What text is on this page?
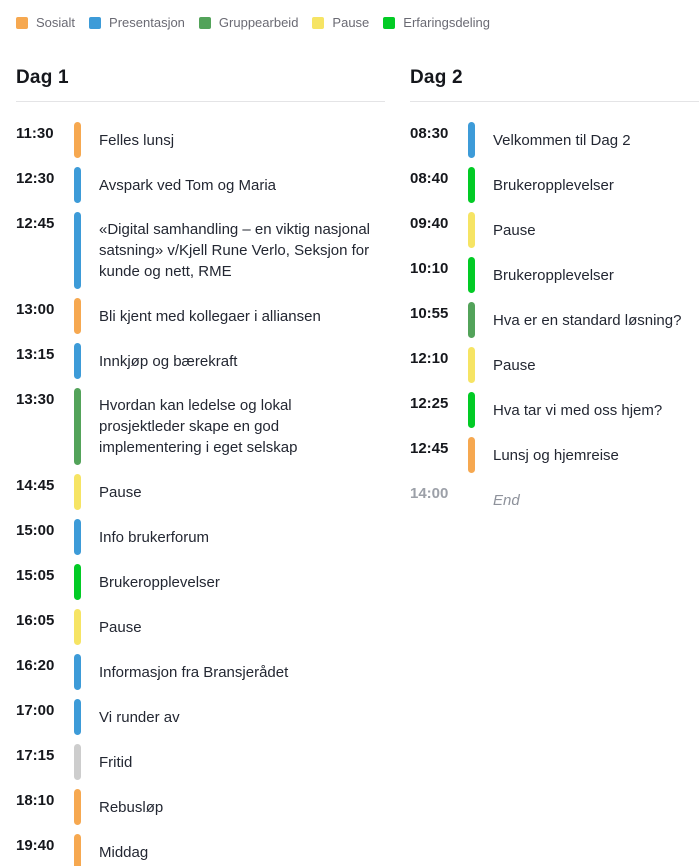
Sosialt	Presentasjon	Gruppearbeid	Pause	Erfaringsdeling
Dag 1
11:30	Felles lunsj
12:30	Avspark ved Tom og Maria
12:45	«Digital samhandling – en viktig nasjonal satsning» v/Kjell Rune Verlo, Seksjon for kunde og nett, RME
13:00	Bli kjent med kollegaer i alliansen
13:15	Innkjøp og bærekraft
13:30	Hvordan kan ledelse og lokal prosjektleder skape en god implementering i eget selskap
14:45	Pause
15:00	Info brukerforum
15:05	Brukeropplevelser
16:05	Pause
16:20	Informasjon fra Bransjerådet
17:00	Vi runder av
17:15	Fritid
18:10	Rebusløp
19:40	Middag
Dag 2
08:30	Velkommen til Dag 2
08:40	Brukeropplevelser
09:40	Pause
10:10	Brukeropplevelser
10:55	Hva er en standard løsning?
12:10	Pause
12:25	Hva tar vi med oss hjem?
12:45	Lunsj og hjemreise
14:00	End
